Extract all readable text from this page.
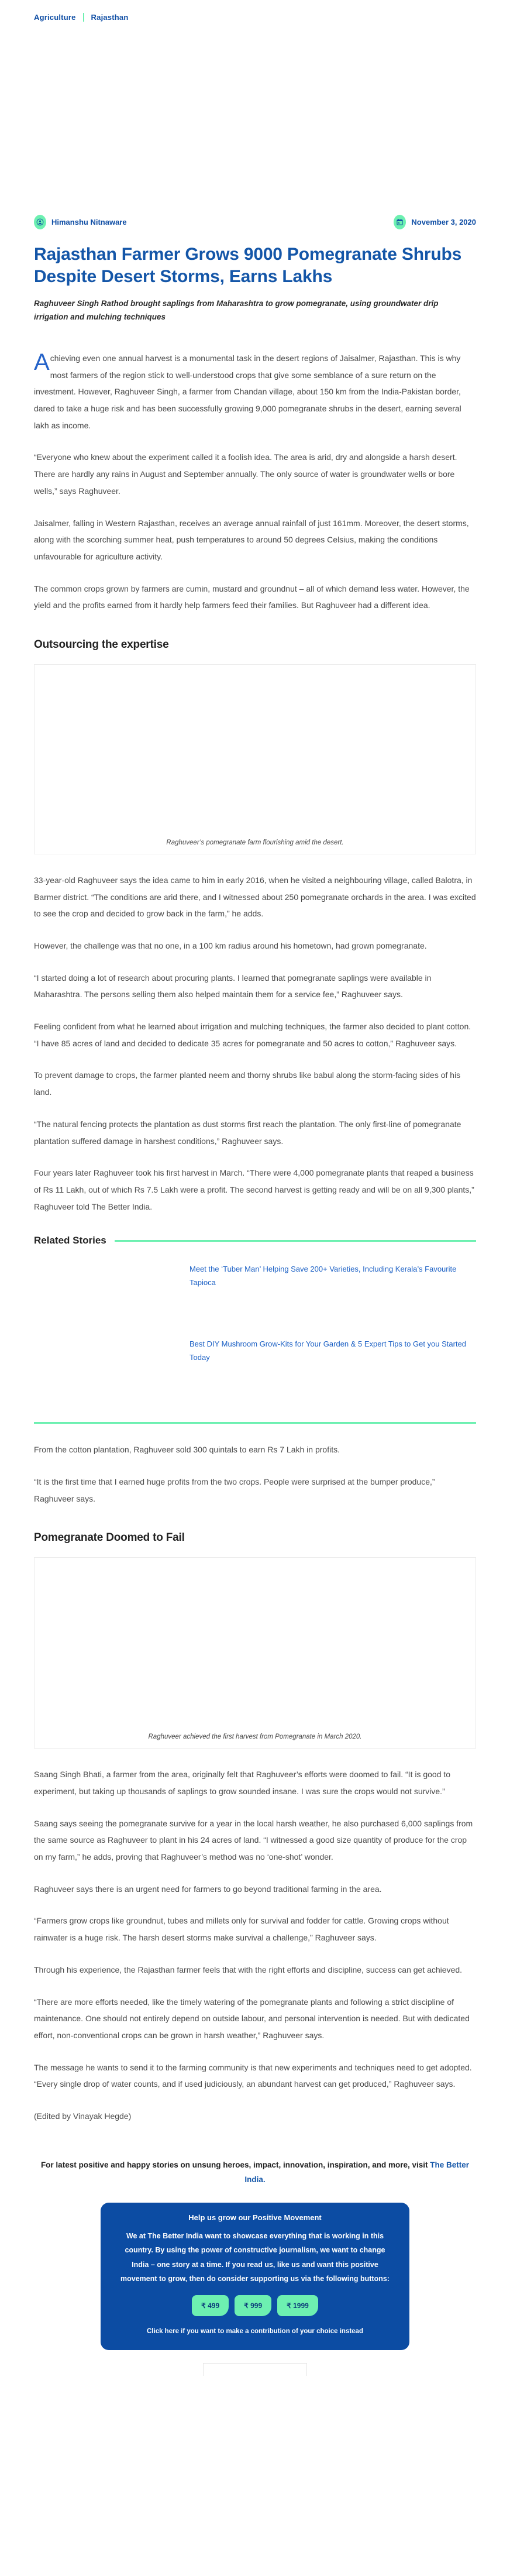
Agriculture Rajasthan
Himanshu Nitnaware	November 3, 2020
Rajasthan Farmer Grows 9000 Pomegranate Shrubs Despite Desert Storms, Earns Lakhs

Raghuveer Singh Rathod brought saplings from Maharashtra to grow pomegranate, using groundwater drip irrigation and mulching techniques

Achieving even one annual harvest is a monumental task in the desert regions of Jaisalmer, Rajasthan. This is why most farmers of the region stick to well-understood crops that give some semblance of a sure return on the investment. However, Raghuveer Singh, a farmer from Chandan village, about 150 km from the India-Pakistan border, dared to take a huge risk and has been successfully growing 9,000 pomegranate shrubs in the desert, earning several lakh as income.

“Everyone who knew about the experiment called it a foolish idea. The area is arid, dry and alongside a harsh desert. There are hardly any rains in August and September annually. The only source of water is groundwater wells or bore wells,” says Raghuveer.

Jaisalmer, falling in Western Rajasthan, receives an average annual rainfall of just 161mm. Moreover, the desert storms, along with the scorching summer heat, push temperatures to around 50 degrees Celsius, making the conditions unfavourable for agriculture activity.

The common crops grown by farmers are cumin, mustard and groundnut – all of which demand less water. However, the yield and the profits earned from it hardly help farmers feed their families. But Raghuveer had a different idea.

Outsourcing the expertise
Raghuveer’s pomegranate farm flourishing amid the desert.

33-year-old Raghuveer says the idea came to him in early 2016, when he visited a neighbouring village, called Balotra, in Barmer district. “The conditions are arid there, and I witnessed about 250 pomegranate orchards in the area. I was excited to see the crop and decided to grow back in the farm,” he adds.

However, the challenge was that no one, in a 100 km radius around his hometown, had grown pomegranate.

“I started doing a lot of research about procuring plants. I learned that pomegranate saplings were available in Maharashtra. The persons selling them also helped maintain them for a service fee,” Raghuveer says.

Feeling confident from what he learned about irrigation and mulching techniques, the farmer also decided to plant cotton. “I have 85 acres of land and decided to dedicate 35 acres for pomegranate and 50 acres to cotton,” Raghuveer says.

To prevent damage to crops, the farmer planted neem and thorny shrubs like babul along the storm-facing sides of his land.

“The natural fencing protects the plantation as dust storms first reach the plantation. The only first-line of pomegranate plantation suffered damage in harshest conditions,” Raghuveer says.

Four years later Raghuveer took his first harvest in March. “There were 4,000 pomegranate plants that reaped a business of Rs 11 Lakh, out of which Rs 7.5 Lakh were a profit. The second harvest is getting ready and will be on all 9,300 plants,” Raghuveer told The Better India.

Related Stories
Meet the ‘Tuber Man’ Helping Save 200+ Varieties, Including Kerala’s Favourite Tapioca
Best DIY Mushroom Grow-Kits for Your Garden & 5 Expert Tips to Get you Started Today

From the cotton plantation, Raghuveer sold 300 quintals to earn Rs 7 Lakh in profits.

“It is the first time that I earned huge profits from the two crops. People were surprised at the bumper produce,” Raghuveer says.

Pomegranate Doomed to Fail
Raghuveer achieved the first harvest from Pomegranate in March 2020.

Saang Singh Bhati, a farmer from the area, originally felt that Raghuveer’s efforts were doomed to fail. “It is good to experiment, but taking up thousands of saplings to grow sounded insane. I was sure the crops would not survive.”

Saang says seeing the pomegranate survive for a year in the local harsh weather, he also purchased 6,000 saplings from the same source as Raghuveer to plant in his 24 acres of land. “I witnessed a good size quantity of produce for the crop on my farm,” he adds, proving that Raghuveer’s method was no ‘one-shot’ wonder.

Raghuveer says there is an urgent need for farmers to go beyond traditional farming in the area.

“Farmers grow crops like groundnut, tubes and millets only for survival and fodder for cattle. Growing crops without rainwater is a huge risk. The harsh desert storms make survival a challenge,” Raghuveer says.

Through his experience, the Rajasthan farmer feels that with the right efforts and discipline, success can get achieved.

“There are more efforts needed, like the timely watering of the pomegranate plants and following a strict discipline of maintenance. One should not entirely depend on outside labour, and personal intervention is needed. But with dedicated effort, non-conventional crops can be grown in harsh weather,” Raghuveer says.

The message he wants to send it to the farming community is that new experiments and techniques need to get adopted. “Every single drop of water counts, and if used judiciously, an abundant harvest can get produced,” Raghuveer says.

(Edited by Vinayak Hegde)

For latest positive and happy stories on unsung heroes, impact, innovation, inspiration, and more, visit The Better India.
Help us grow our Positive Movement
We at The Better India want to showcase everything that is working in this country. By using the power of constructive journalism, we want to change India – one story at a time. If you read us, like us and want this positive movement to grow, then do consider supporting us via the following buttons:
₹ 499	₹ 999	₹ 1999
Click here if you want to make a contribution of your choice instead
